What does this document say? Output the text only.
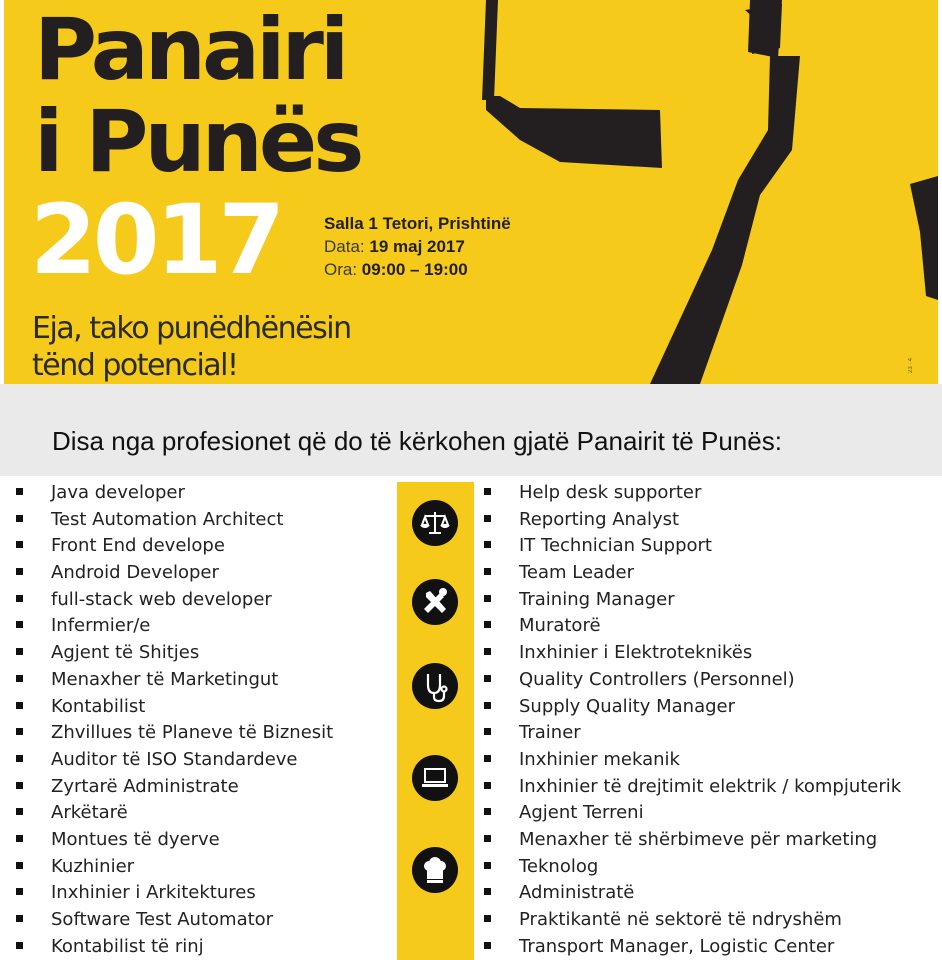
Panairi
i Punës
2017	Salla 1 Tetori, Prishtinë
Data: 19 maj 2017
Ora: 09:00 – 19:00
Eja, tako punëdhënësin
tënd potencial!	23 ∙ 4
Disa nga profesionet që do të kërkohen gjatë Panairit të Punës:
Java developer
Test Automation Architect
Front End develope
Android Developer
full-stack web developer
Infermier/e
Agjent të Shitjes
Menaxher të Marketingut
Kontabilist
Zhvillues të Planeve të Biznesit
Auditor të ISO Standardeve
Zyrtarë Administrate
Arkëtarë
Montues të dyerve
Kuzhinier
Inxhinier i Arkitektures
Software Test Automator
Kontabilist të rinj
Help desk supporter
Reporting Analyst
IT Technician Support
Team Leader
Training Manager
Muratorë
Inxhinier i Elektroteknikës
Quality Controllers (Personnel)
Supply Quality Manager
Trainer
Inxhinier mekanik
Inxhinier të drejtimit elektrik / kompjuterik
Agjent Terreni
Menaxher të shërbimeve për marketing
Teknolog
Administratë
Praktikantë në sektorë të ndryshëm
Transport Manager, Logistic Center
